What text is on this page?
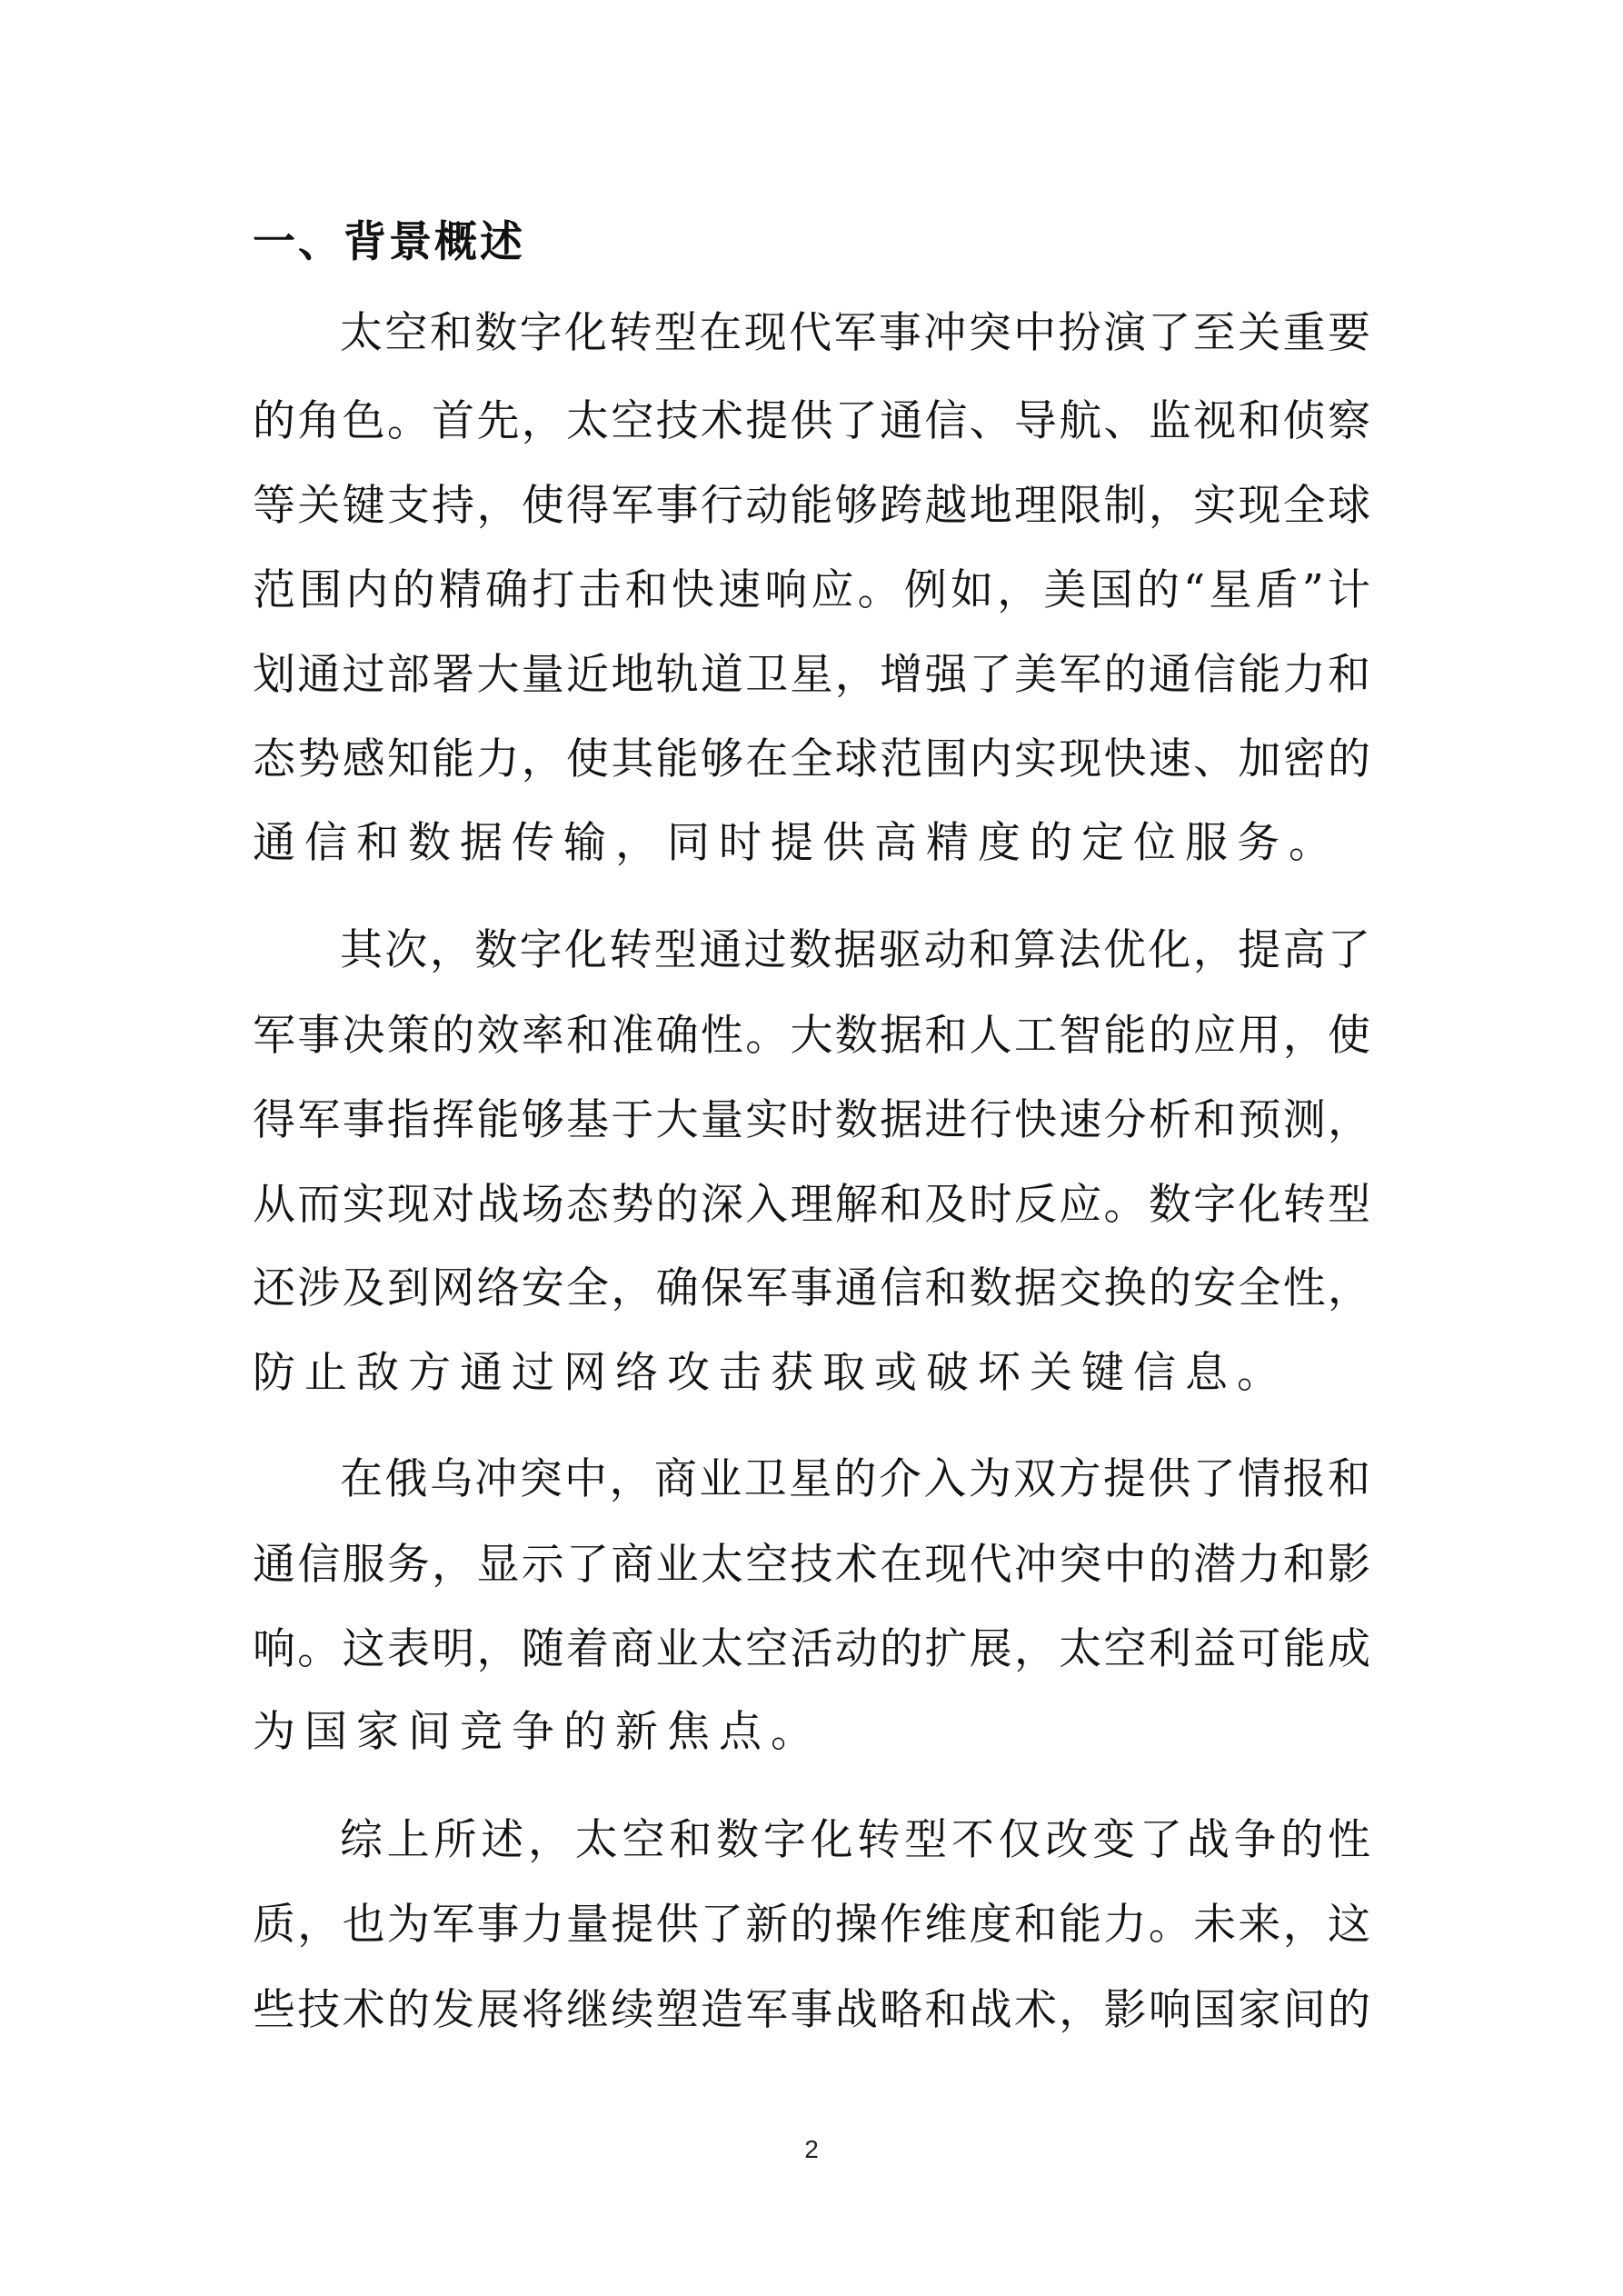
一、背景概述

太空和数字化转型在现代军事冲突中扮演了至关重要

的角色。首先，太空技术提供了通信、导航、监视和侦察

等关键支持，使得军事行动能够跨越地理限制，实现全球

范围内的精确打击和快速响应。例如，美国的“星盾”计

划通过部署大量近地轨道卫星，增强了美军的通信能力和

态势感知能力，使其能够在全球范围内实现快速、加密的

通信和数据传输，同时提供高精度的定位服务。

其次，数字化转型通过数据驱动和算法优化，提高了

军事决策的效率和准确性。大数据和人工智能的应用，使

得军事指挥能够基于大量实时数据进行快速分析和预测，

从而实现对战场态势的深入理解和及时反应。数字化转型

还涉及到网络安全，确保军事通信和数据交换的安全性，

防止敌方通过网络攻击获取或破坏关键信息。

在俄乌冲突中，商业卫星的介入为双方提供了情报和

通信服务，显示了商业太空技术在现代冲突中的潜力和影

响。这表明，随着商业太空活动的扩展，太空利益可能成

为国家间竞争的新焦点。

综上所述，太空和数字化转型不仅改变了战争的性

质，也为军事力量提供了新的操作维度和能力。未来，这

些技术的发展将继续塑造军事战略和战术，影响国家间的

2
